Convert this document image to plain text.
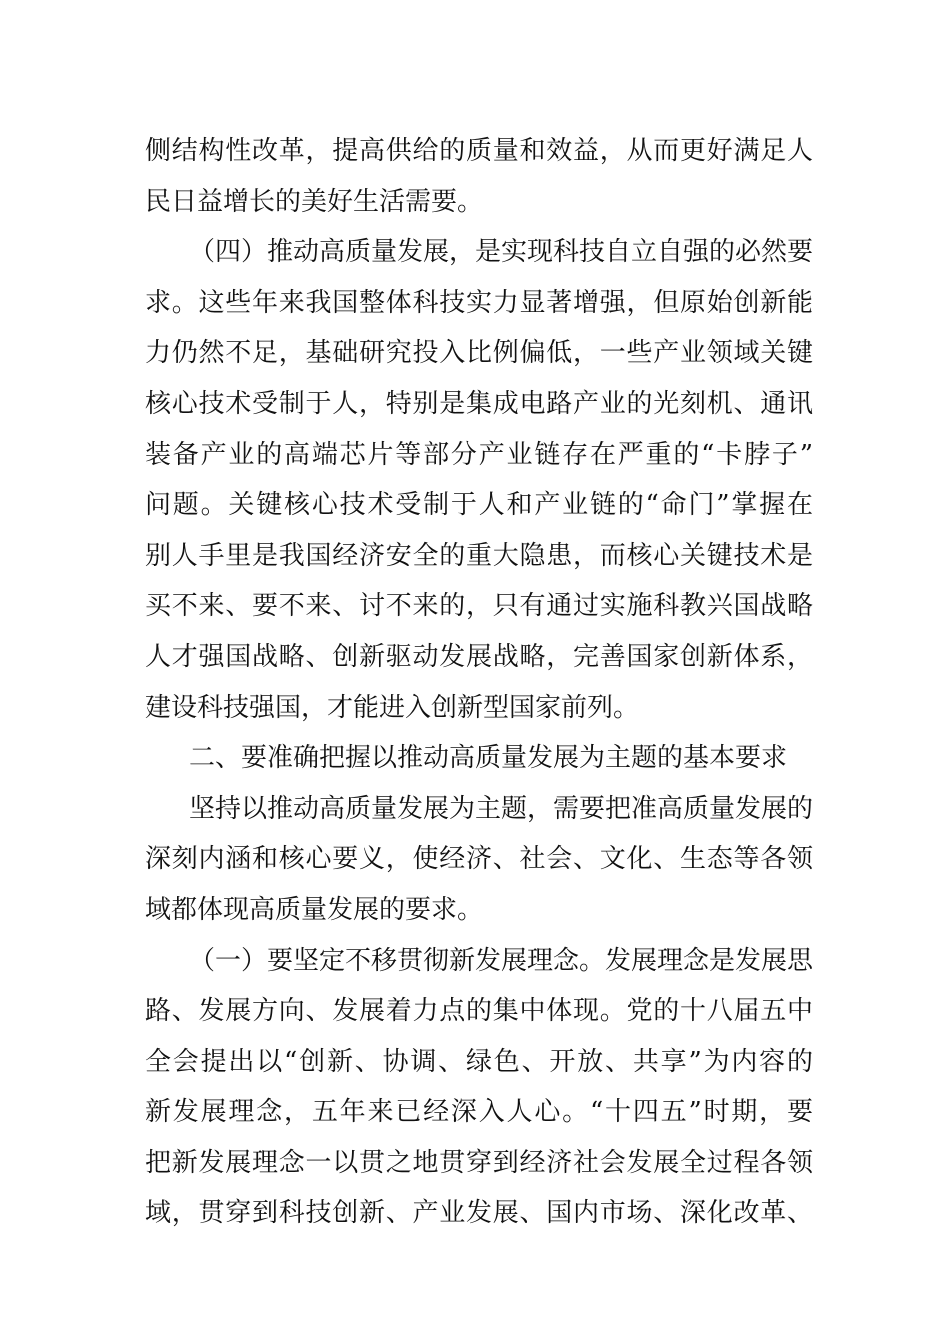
侧结构性改革，提高供给的质量和效益，从而更好满足人
民日益增长的美好生活需要。
（四）推动高质量发展，是实现科技自立自强的必然要
求。这些年来我国整体科技实力显著增强，但原始创新能
力仍然不足，基础研究投入比例偏低，一些产业领域关键
核心技术受制于人，特别是集成电路产业的光刻机、通讯
装备产业的高端芯片等部分产业链存在严重的“卡脖子”
问题。关键核心技术受制于人和产业链的“命门”掌握在
别人手里是我国经济安全的重大隐患，而核心关键技术是
买不来、要不来、讨不来的，只有通过实施科教兴国战略
人才强国战略、创新驱动发展战略，完善国家创新体系，
建设科技强国，才能进入创新型国家前列。
二、要准确把握以推动高质量发展为主题的基本要求
坚持以推动高质量发展为主题，需要把准高质量发展的
深刻内涵和核心要义，使经济、社会、文化、生态等各领
域都体现高质量发展的要求。
（一）要坚定不移贯彻新发展理念。发展理念是发展思
路、发展方向、发展着力点的集中体现。党的十八届五中
全会提出以“创新、协调、绿色、开放、共享”为内容的
新发展理念，五年来已经深入人心。“十四五”时期，要
把新发展理念一以贯之地贯穿到经济社会发展全过程各领
域，贯穿到科技创新、产业发展、国内市场、深化改革、
